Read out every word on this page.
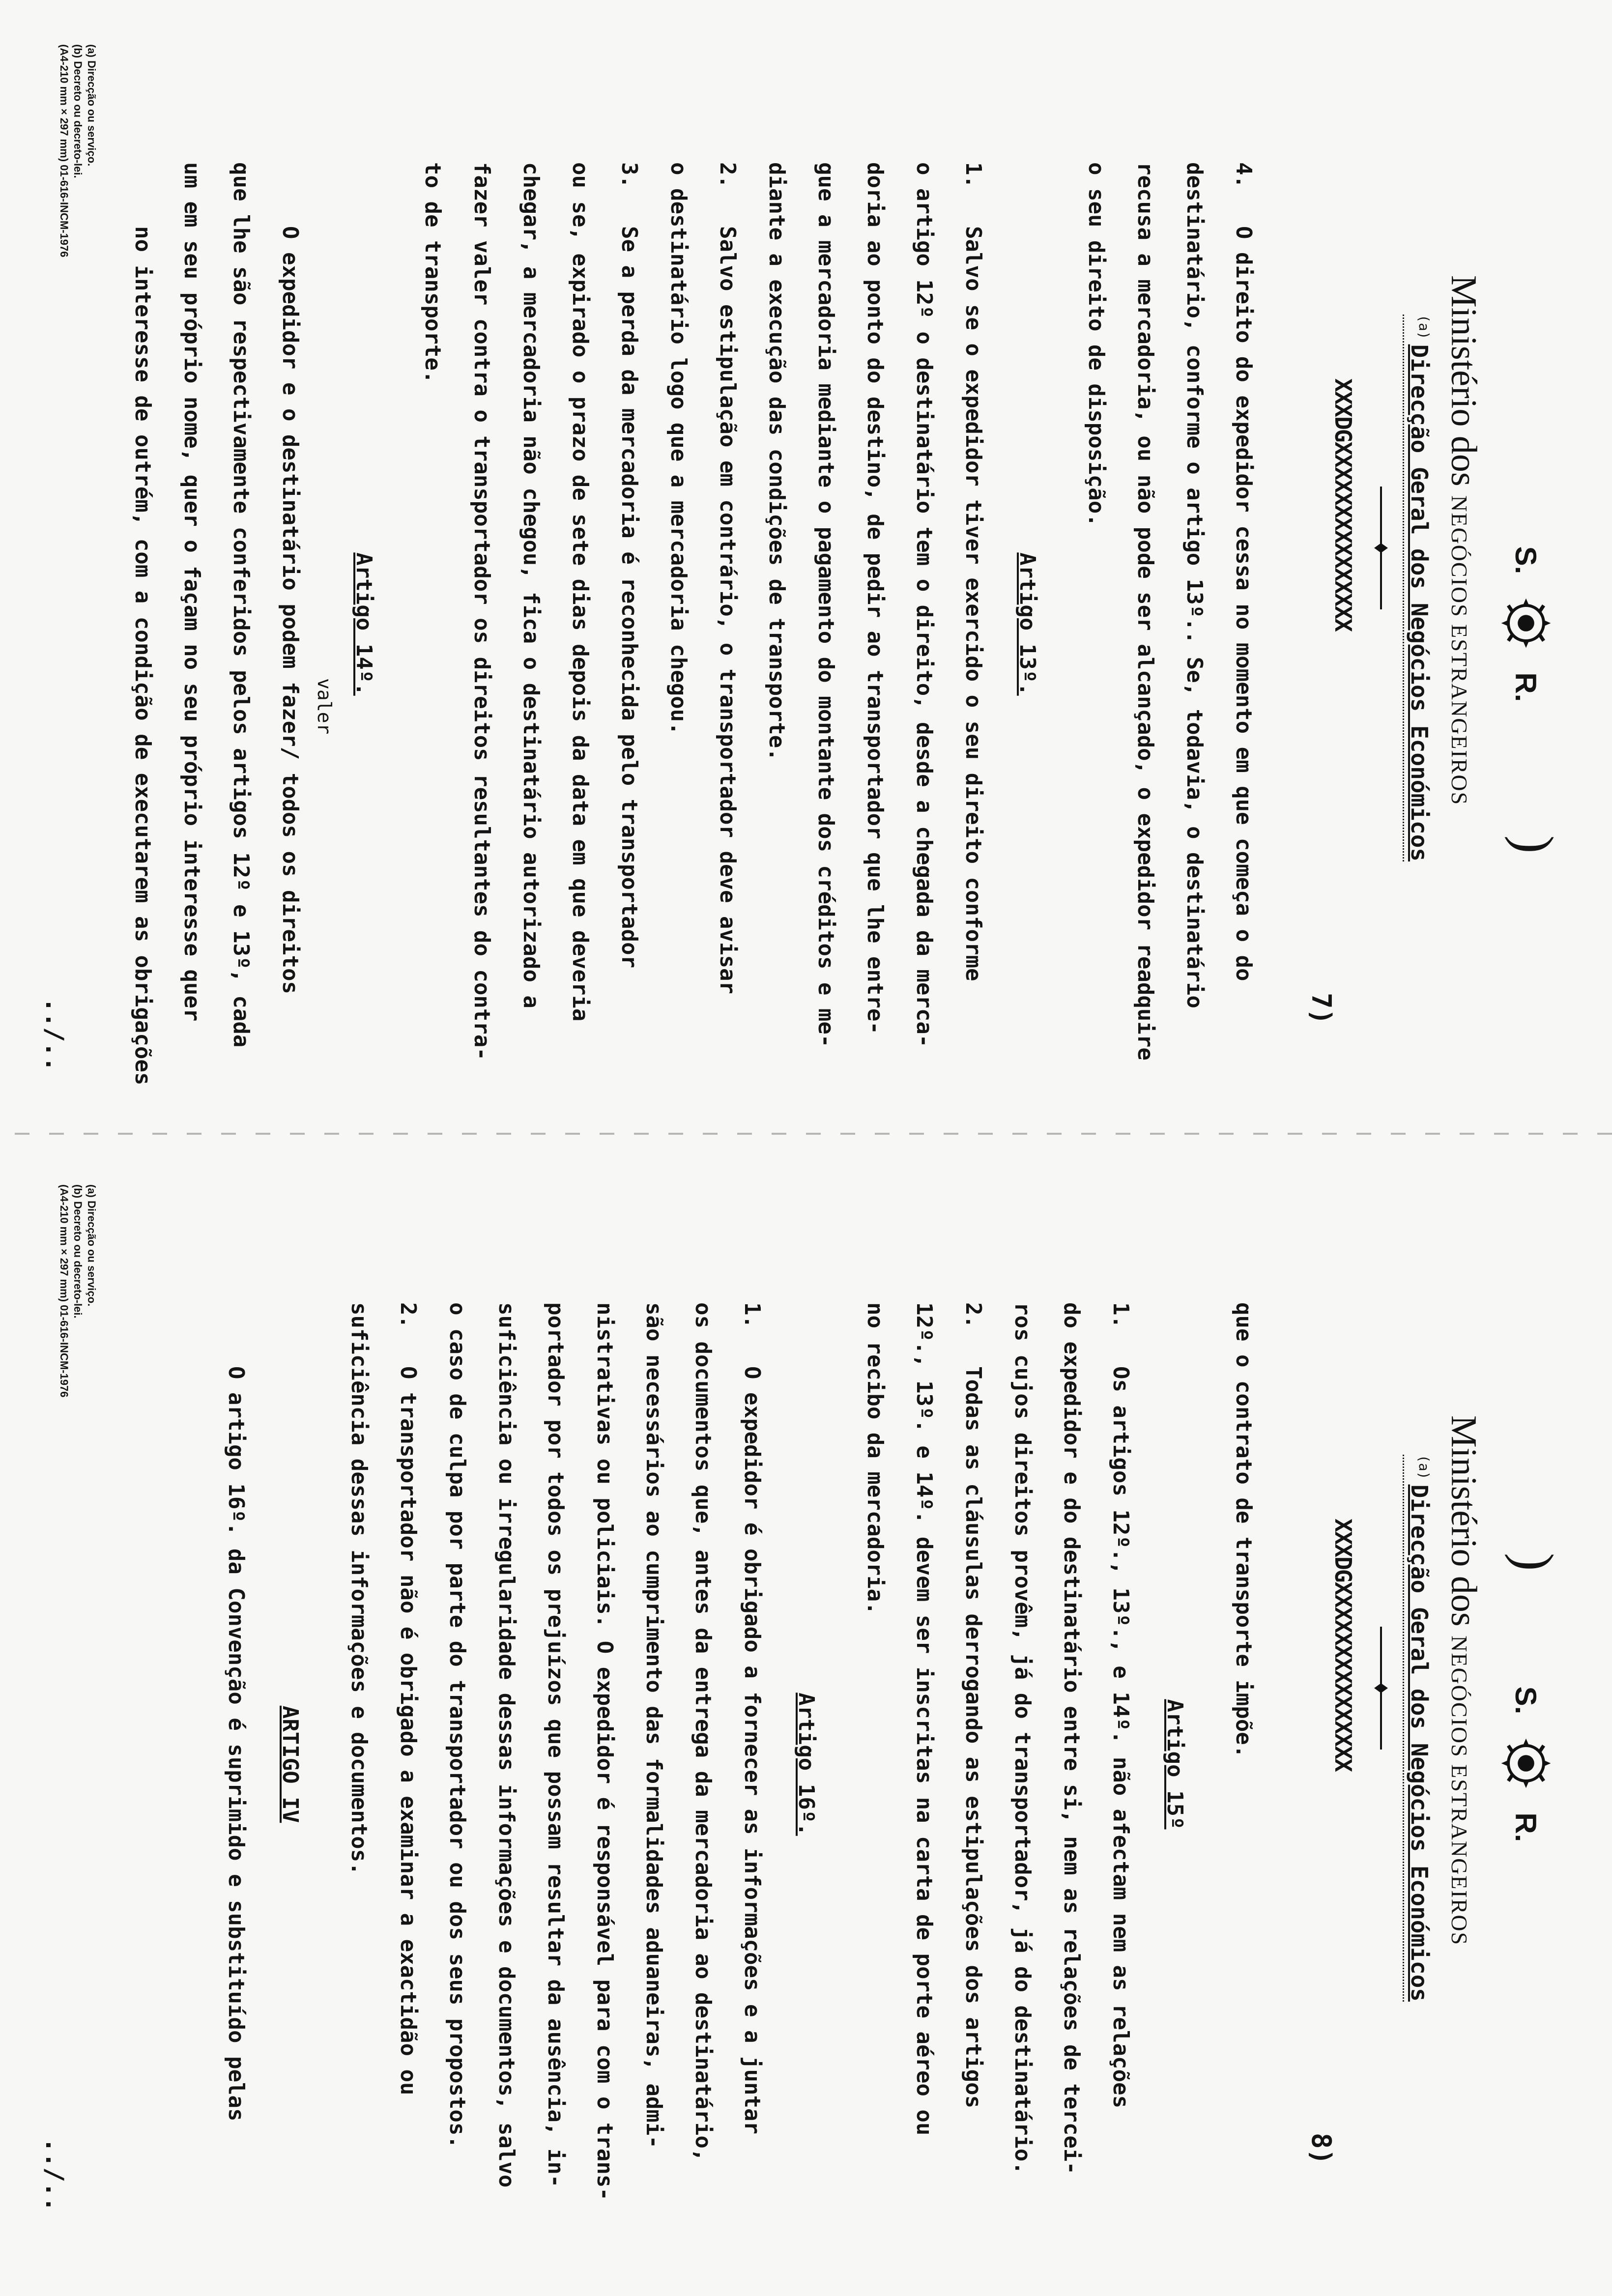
S.
R.
)
Ministério dos NEGÓCIOS ESTRANGEIROS
$^{(a)}$Direcção Geral dos Negócios Económicos
XXXDGXXXXXXXXXXXXXXX
7)

4.O direito do expedidor cessa no momento em que começa o do

destinatário, conforme o artigo 13º.. Se, todavia, o destinatário

recusa a mercadoria, ou não pode ser alcançado, o expedidor readquire

o seu direito de disposição.

Artigo 13º.

1.Salvo se o expedidor tiver exercido o seu direito conforme

o artigo 12º o destinatário tem o direito, desde a chegada da merca-

doria ao ponto do destino, de pedir ao transportador que lhe entre-

gue a mercadoria mediante o pagamento do montante dos créditos e me-

diante a execução das condições de transporte.

2.Salvo estipulação em contrário, o transportador deve avisar

o destinatário logo que a mercadoria chegou.

3.Se a perda da mercadoria é reconhecida pelo transportador

ou se, expirado o prazo de sete dias depois da data em que deveria

chegar, a mercadoria não chegou, fica o destinatário autorizado a

fazer valer contra o transportador os direitos resultantes do contra-

to de transporte.

Artigo 14º.

valer

O expedidor e o destinatário podem fazer/ todos os direitos

que lhe são respectivamente conferidos pelos artigos 12º e 13º, cada

um em seu próprio nome, quer o façam no seu próprio interesse quer

no interesse de outrém, com a condição de executarem as obrigações

../..
(a) Direcção ou serviço.
(b) Decreto ou decreto-lei.
(A4-210 mm × 297 mm) 01-616-INCM-1976
S.
R.
)
Ministério dos NEGÓCIOS ESTRANGEIROS
$^{(a)}$Direcção Geral dos Negócios Económicos
XXXDGXXXXXXXXXXXXXXX
8)

que o contrato de transporte impõe.

Artigo 15º

1.Os artigos 12º., 13º., e 14º. não afectam nem as relações

do expedidor e do destinatário entre si, nem as relações de tercei-

ros cujos direitos provêm, já do transportador, já do destinatário.

2.Todas as cláusulas derrogando as estipulações dos artigos

12º., 13º. e 14º. devem ser inscritas na carta de porte aéreo ou

no recibo da mercadoria.

Artigo 16º.

1.O expedidor é obrigado a fornecer as informações e a juntar

os documentos que, antes da entrega da mercadoria ao destinatário,

são necessários ao cumprimento das formalidades aduaneiras, admi-

nistrativas ou policiais. O expedidor é responsável para com o trans-

portador por todos os prejuízos que possam resultar da ausência, in-

suficiência ou irregularidade dessas informações e documentos, salvo

o caso de culpa por parte do transportador ou dos seus propostos.

2.O transportador não é obrigado a examinar a exactidão ou

suficiência dessas informações e documentos.

ARTIGO IV

O artigo 16º. da Convenção é suprimido e substituído pelas

../..
(a) Direcção ou serviço.
(b) Decreto ou decreto-lei.
(A4-210 mm × 297 mm) 01-616-INCM-1976
